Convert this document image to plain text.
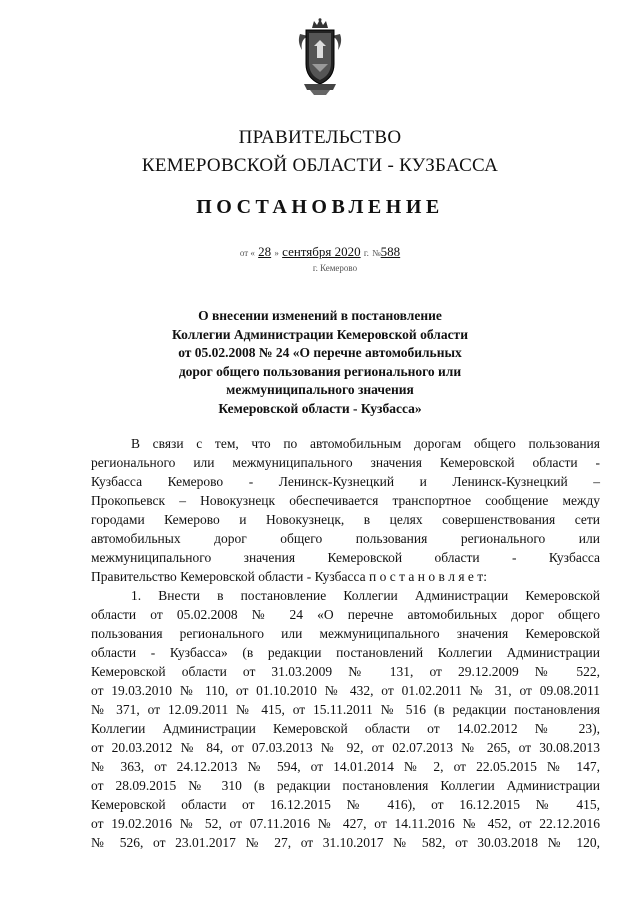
ПРАВИТЕЛЬСТВО
КЕМЕРОВСКОЙ ОБЛАСТИ - КУЗБАССА
ПОСТАНОВЛЕНИЕ
от « 28 » сентября 2020 г. №588
г. Кемерово
О внесении изменений в постановление
Коллегии Администрации Кемеровской области
от 05.02.2008 № 24 «О перечне автомобильных
дорог общего пользования регионального или
межмуниципального значения
Кемеровской области - Кузбасса»
В связи с тем, что по автомобильным дорогам общего пользования
регионального или межмуниципального значения Кемеровской области -
Кузбасса Кемерово - Ленинск-Кузнецкий и Ленинск-Кузнецкий –
Прокопьевск – Новокузнецк обеспечивается транспортное сообщение между
городами Кемерово и Новокузнецк, в целях совершенствования сети
автомобильных дорог общего пользования регионального или
межмуниципального значения Кемеровской области - Кузбасса
Правительство Кемеровской области - Кузбасса п о с т а н о в л я е т:
1. Внести в постановление Коллегии Администрации Кемеровской
области от 05.02.2008 № 24 «О перечне автомобильных дорог общего
пользования регионального или межмуниципального значения Кемеровской
области - Кузбасса» (в редакции постановлений Коллегии Администрации
Кемеровской области от 31.03.2009 № 131, от 29.12.2009 № 522,
от 19.03.2010 № 110, от 01.10.2010 № 432, от 01.02.2011 № 31, от 09.08.2011
№ 371, от 12.09.2011 № 415, от 15.11.2011 № 516 (в редакции постановления
Коллегии Администрации Кемеровской области от 14.02.2012 № 23),
от 20.03.2012 № 84, от 07.03.2013 № 92, от 02.07.2013 № 265, от 30.08.2013
№ 363, от 24.12.2013 № 594, от 14.01.2014 № 2, от 22.05.2015 № 147,
от 28.09.2015 № 310 (в редакции постановления Коллегии Администрации
Кемеровской области от 16.12.2015 № 416), от 16.12.2015 № 415,
от 19.02.2016 № 52, от 07.11.2016 № 427, от 14.11.2016 № 452, от 22.12.2016
№ 526, от 23.01.2017 № 27, от 31.10.2017 № 582, от 30.03.2018 № 120,
